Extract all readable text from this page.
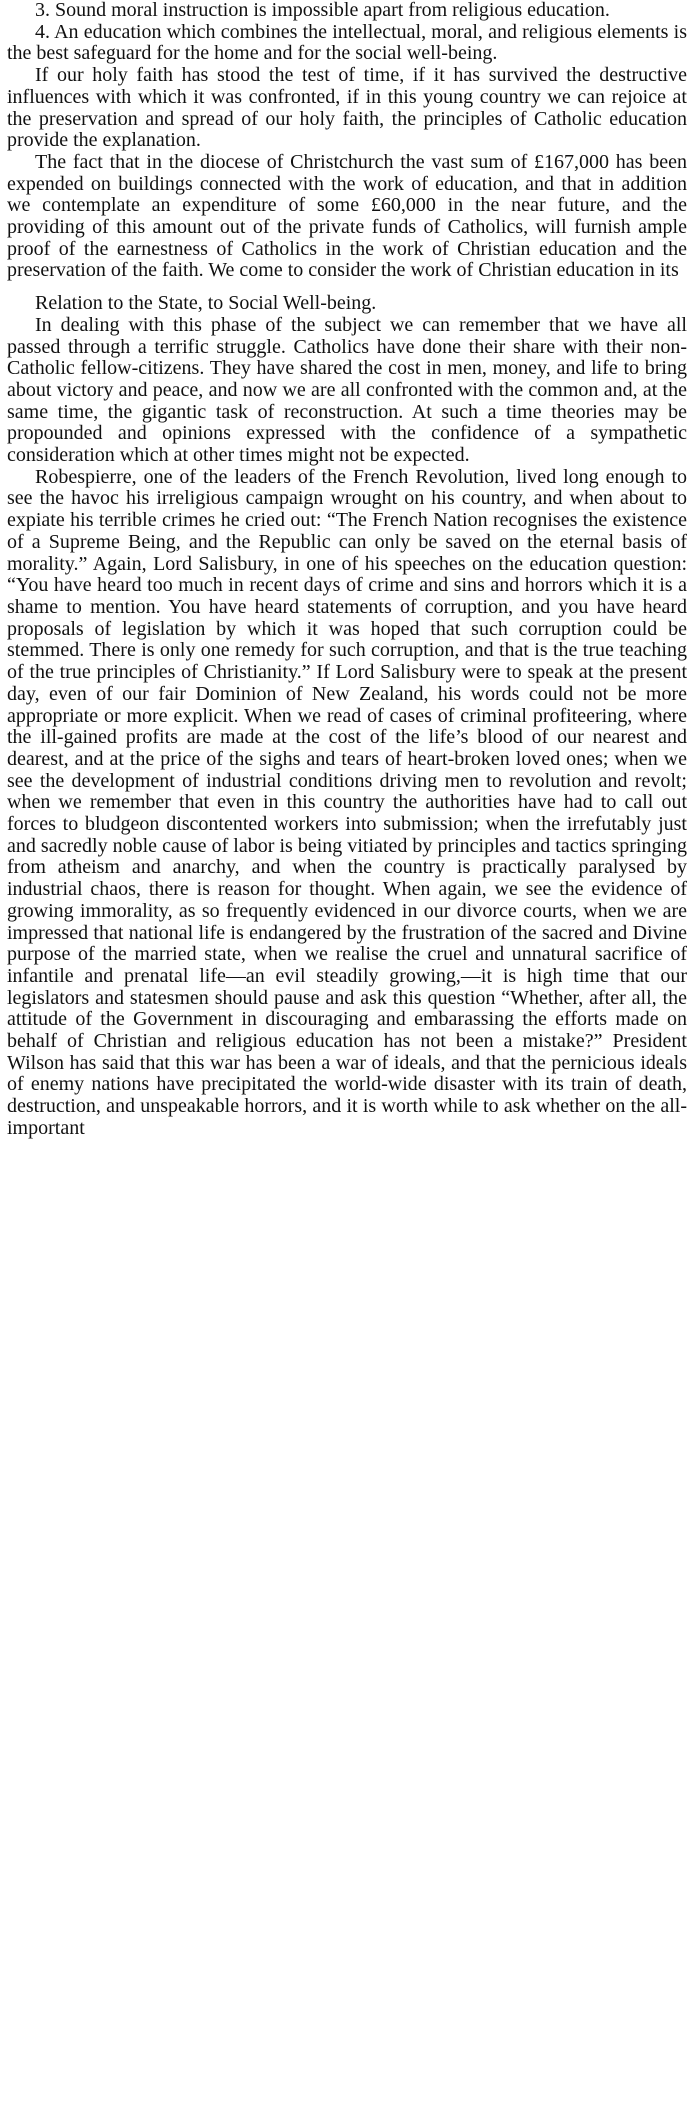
3. Sound moral instruction is impossible apart from religious education.

4. An education which combines the intellectual, moral, and religious elements is the best safeguard for the home and for the social well-being.

If our holy faith has stood the test of time, if it has survived the destructive influences with which it was confronted, if in this young country we can rejoice at the preservation and spread of our holy faith, the principles of Catholic education provide the explanation.

The fact that in the diocese of Christchurch the vast sum of £167,000 has been expended on buildings connected with the work of education, and that in addition we contemplate an expenditure of some £60,000 in the near future, and the providing of this amount out of the private funds of Catholics, will furnish ample proof of the earnestness of Catholics in the work of Christian education and the preservation of the faith. We come to consider the work of Christian education in its

Relation to the State, to Social Well-being.

In dealing with this phase of the subject we can remember that we have all passed through a terrific struggle. Catholics have done their share with their non-Catholic fellow-citizens. They have shared the cost in men, money, and life to bring about victory and peace, and now we are all confronted with the common and, at the same time, the gigantic task of reconstruction. At such a time theories may be propounded and opinions expressed with the confidence of a sympathetic consideration which at other times might not be expected.

Robespierre, one of the leaders of the French Revolution, lived long enough to see the havoc his irreligious campaign wrought on his country, and when about to expiate his terrible crimes he cried out: “The French Nation recognises the existence of a Supreme Being, and the Republic can only be saved on the eternal basis of morality.” Again, Lord Salisbury, in one of his speeches on the education question: “You have heard too much in recent days of crime and sins and horrors which it is a shame to mention. You have heard statements of corruption, and you have heard proposals of legislation by which it was hoped that such corruption could be stemmed. There is only one remedy for such corruption, and that is the true teaching of the true principles of Christianity.” If Lord Salisbury were to speak at the present day, even of our fair Dominion of New Zealand, his words could not be more appropriate or more explicit. When we read of cases of criminal profiteering, where the ill-gained profits are made at the cost of the life’s blood of our nearest and dearest, and at the price of the sighs and tears of heart-broken loved ones; when we see the development of industrial conditions driving men to revolution and revolt; when we remember that even in this country the authorities have had to call out forces to bludgeon discontented workers into submission; when the irrefutably just and sacredly noble cause of labor is being vitiated by principles and tactics springing from atheism and anarchy, and when the country is practically paralysed by industrial chaos, there is reason for thought. When again, we see the evidence of growing immorality, as so frequently evidenced in our divorce courts, when we are impressed that national life is endangered by the frustration of the sacred and Divine purpose of the married state, when we realise the cruel and unnatural sacrifice of infantile and prenatal life—an evil steadily growing,—it is high time that our legislators and statesmen should pause and ask this question “Whether, after all, the attitude of the Government in discouraging and embarassing the efforts made on behalf of Christian and religious education has not been a mistake?” President Wilson has said that this war has been a war of ideals, and that the pernicious ideals of enemy nations have precipitated the world-wide disaster with its train of death, destruction, and unspeakable horrors, and it is worth while to ask whether on the all-important
